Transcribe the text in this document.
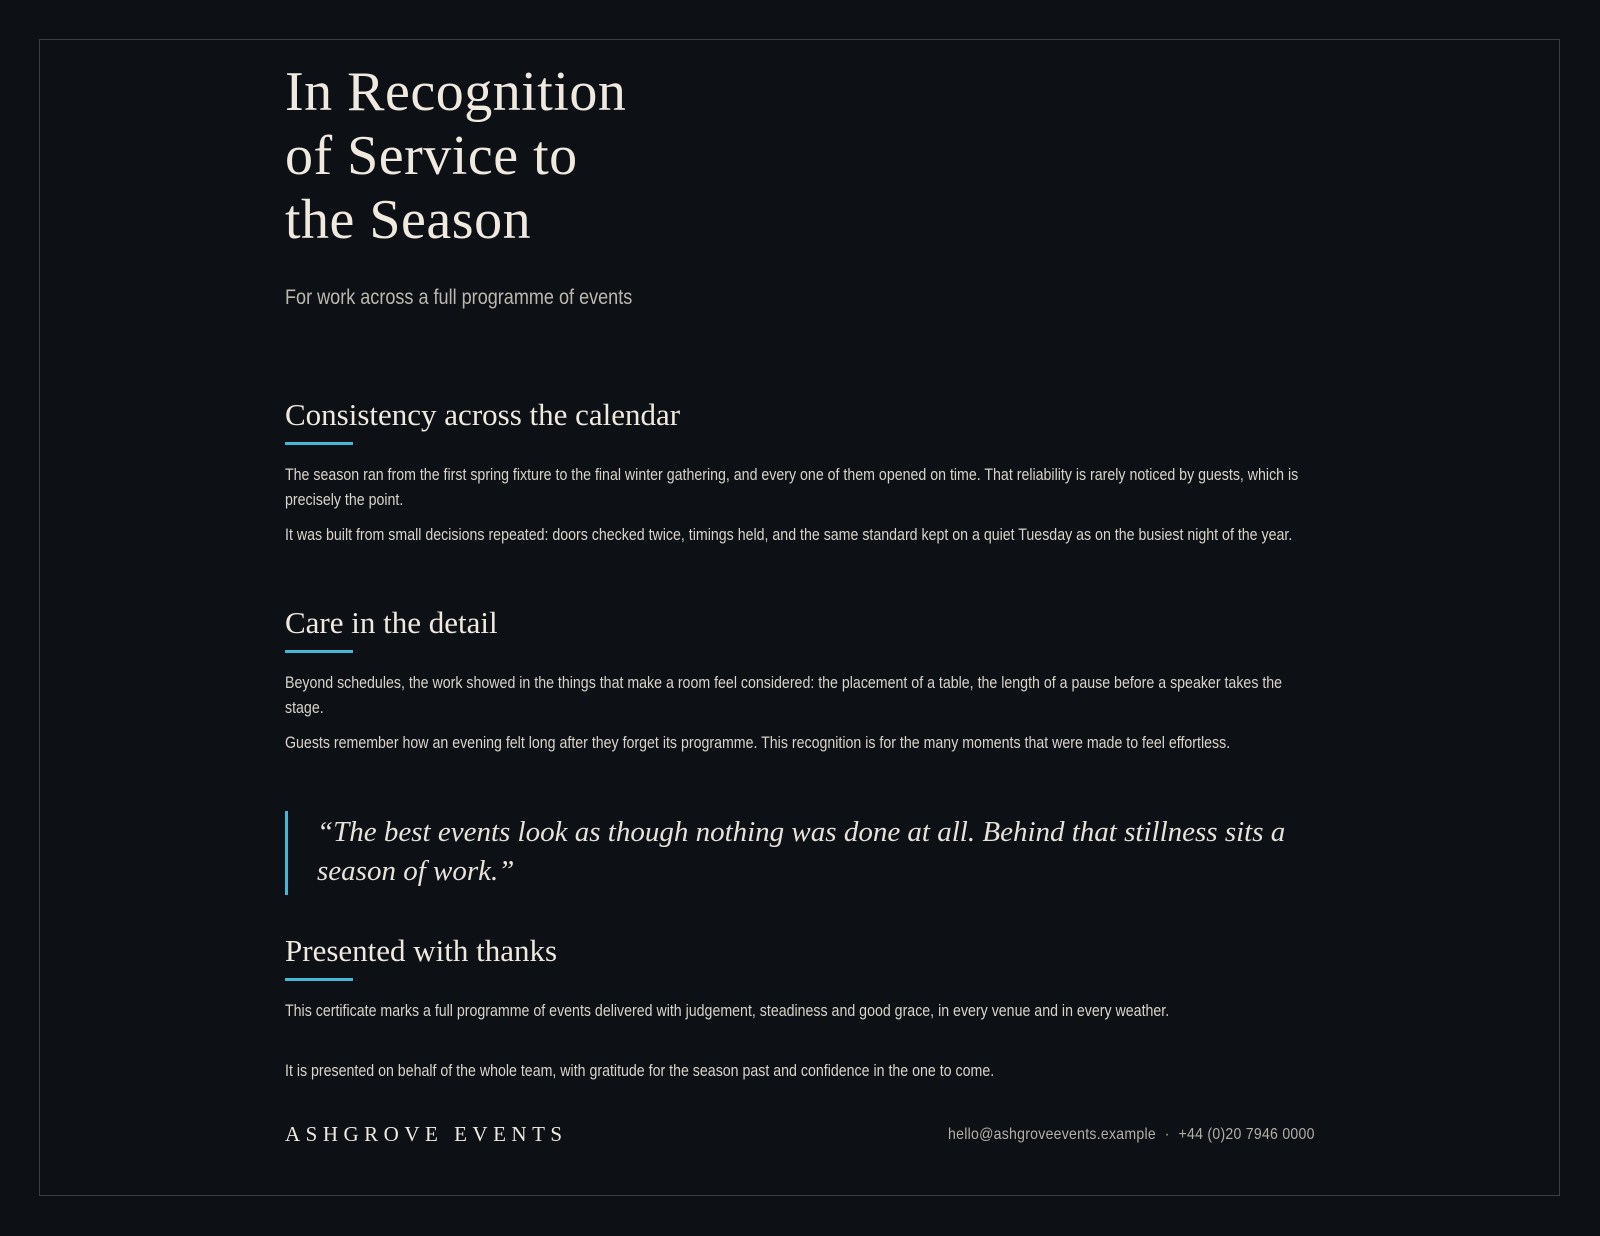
In Recognition
of Service to
the Season
For work across a full programme of events
Consistency across the calendar
The season ran from the first spring fixture to the final winter gathering, and every one of them opened on time. That reliability is rarely noticed by guests, which is precisely the point.
It was built from small decisions repeated: doors checked twice, timings held, and the same standard kept on a quiet Tuesday as on the busiest night of the year.
Care in the detail
Beyond schedules, the work showed in the things that make a room feel considered: the placement of a table, the length of a pause before a speaker takes the stage.
Guests remember how an evening felt long after they forget its programme. This recognition is for the many moments that were made to feel effortless.
“The best events look as though nothing was done at all. Behind that stillness sits a season of work.”
Presented with thanks
This certificate marks a full programme of events delivered with judgement, steadiness and good grace, in every venue and in every weather.
It is presented on behalf of the whole team, with gratitude for the season past and confidence in the one to come.
ASHGROVE EVENTS	hello@ashgroveevents.example · +44 (0)20 7946 0000
